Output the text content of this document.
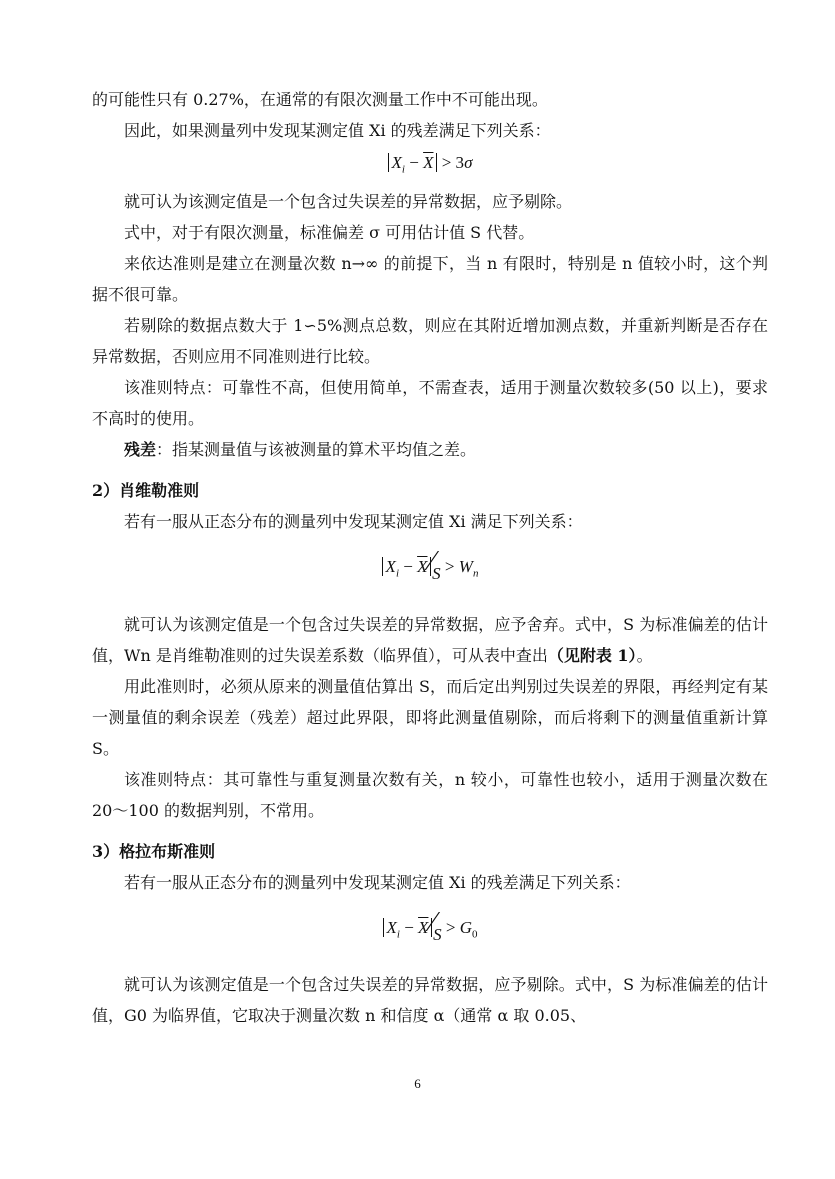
的可能性只有 0.27%，在通常的有限次测量工作中不可能出现。

因此，如果测量列中发现某测定值 Xi 的残差满足下列关系：

$X_i - \overline{X} > 3\sigma$

就可认为该测定值是一个包含过失误差的异常数据，应予剔除。

式中，对于有限次测量，标准偏差 σ 可用估计值 S 代替。

来依达准则是建立在测量次数 n→∞ 的前提下，当 n 有限时，特别是 n 值较小时，这个判据不很可靠。

若剔除的数据点数大于 1∽5%测点总数，则应在其附近增加测点数，并重新判断是否存在异常数据，否则应用不同准则进行比较。

该准则特点：可靠性不高，但使用简单，不需查表，适用于测量次数较多(50 以上)，要求不高时的使用。

残差：指某测量值与该被测量的算术平均值之差。

2）肖维勒准则

若有一服从正态分布的测量列中发现某测定值 Xi 满足下列关系：

$X_i$ − $\overline{X}⁄S > W_n$

就可认为该测定值是一个包含过失误差的异常数据，应予舍弃。式中，S 为标准偏差的估计值，Wn 是肖维勒准则的过失误差系数（临界值），可从表中查出（见附表 1）。

用此准则时，必须从原来的测量值估算出 S，而后定出判别过失误差的界限，再经判定有某一测量值的剩余误差（残差）超过此界限，即将此测量值剔除，而后将剩下的测量值重新计算 S。

该准则特点：其可靠性与重复测量次数有关，n 较小，可靠性也较小，适用于测量次数在 20～100 的数据判别，不常用。

3）格拉布斯准则

若有一服从正态分布的测量列中发现某测定值 Xi 的残差满足下列关系：

$X_i$ − $\overline{X}⁄S > G_0$

就可认为该测定值是一个包含过失误差的异常数据，应予剔除。式中，S 为标准偏差的估计值，G0 为临界值，它取决于测量次数 n 和信度 α（通常 α 取 0.05、

6
